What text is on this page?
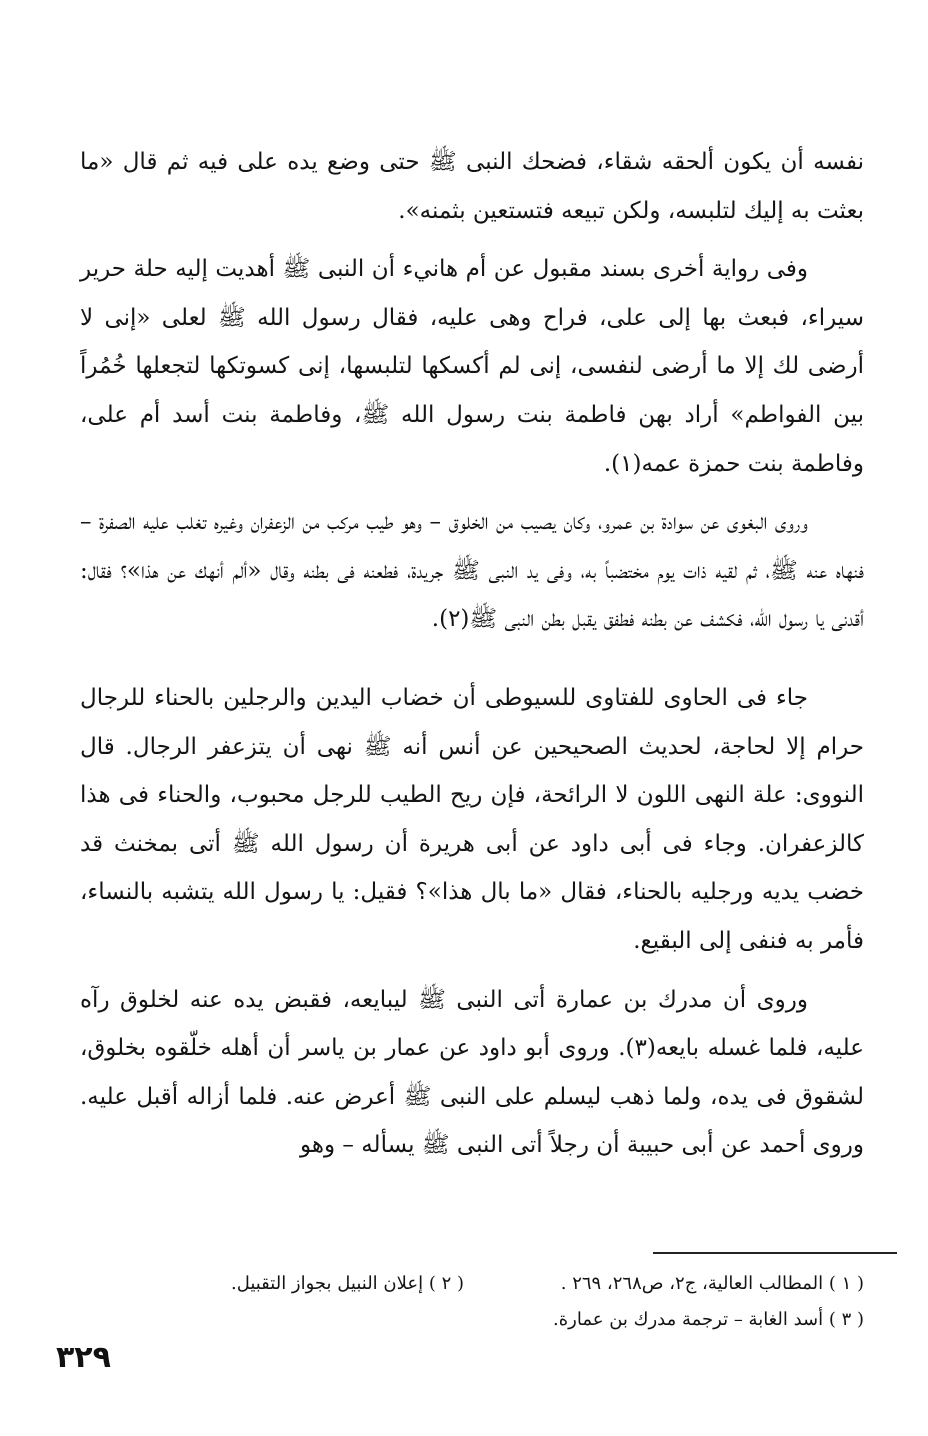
نفسه أن يكون ألحقه شقاء، فضحك النبى ﷺ حتى وضع يده على فيه ثم قال «ما بعثت به إليك لتلبسه، ولكن تبيعه فتستعين بثمنه».

وفى رواية أخرى بسند مقبول عن أم هانيء أن النبى ﷺ أهديت إليه حلة حرير سيراء، فبعث بها إلى على، فراح وهى عليه، فقال رسول الله ﷺ لعلى «إنى لا أرضى لك إلا ما أرضى لنفسى، إنى لم أكسكها لتلبسها، إنى كسوتكها لتجعلها خُمُراً بين الفواطم» أراد بهن فاطمة بنت رسول الله ﷺ، وفاطمة بنت أسد أم على، وفاطمة بنت حمزة عمه(١).

وروى البغوى عن سوادة بن عمرو، وكان يصيب من الخلوق – وهو طيب مركب من الزعفران وغيره تغلب عليه الصفرة – فنهاه عنه ﷺ، ثم لقيه ذات يوم مختضباً به، وفى يد النبى ﷺ جريدة، فطعنه فى بطنه وقال «ألم أنهك عن هذا»؟ فقال: أقدنى يا رسول الله، فكشف عن بطنه فطفق يقبل بطن النبى ﷺ(٢).

جاء فى الحاوى للفتاوى للسيوطى أن خضاب اليدين والرجلين بالحناء للرجال حرام إلا لحاجة، لحديث الصحيحين عن أنس أنه ﷺ نهى أن يتزعفر الرجال. قال النووى: علة النهى اللون لا الرائحة، فإن ريح الطيب للرجل محبوب، والحناء فى هذا كالزعفران. وجاء فى أبى داود عن أبى هريرة أن رسول الله ﷺ أتى بمخنث قد خضب يديه ورجليه بالحناء، فقال «ما بال هذا»؟ فقيل: يا رسول الله يتشبه بالنساء، فأمر به فنفى إلى البقيع.

وروى أن مدرك بن عمارة أتى النبى ﷺ ليبايعه، فقبض يده عنه لخلوق رآه عليه، فلما غسله بايعه(٣). وروى أبو داود عن عمار بن ياسر أن أهله خلّقوه بخلوق، لشقوق فى يده، ولما ذهب ليسلم على النبى ﷺ أعرض عنه. فلما أزاله أقبل عليه. وروى أحمد عن أبى حبيبة أن رجلاً أتى النبى ﷺ يسأله – وهو

( ١ ) المطالب العالية، ج٢، ص٢٦٨، ٢٦٩ .
( ٢ ) إعلان النبيل بجواز التقبيل.
( ٣ ) أسد الغابة – ترجمة مدرك بن عمارة.
٣٢٩
